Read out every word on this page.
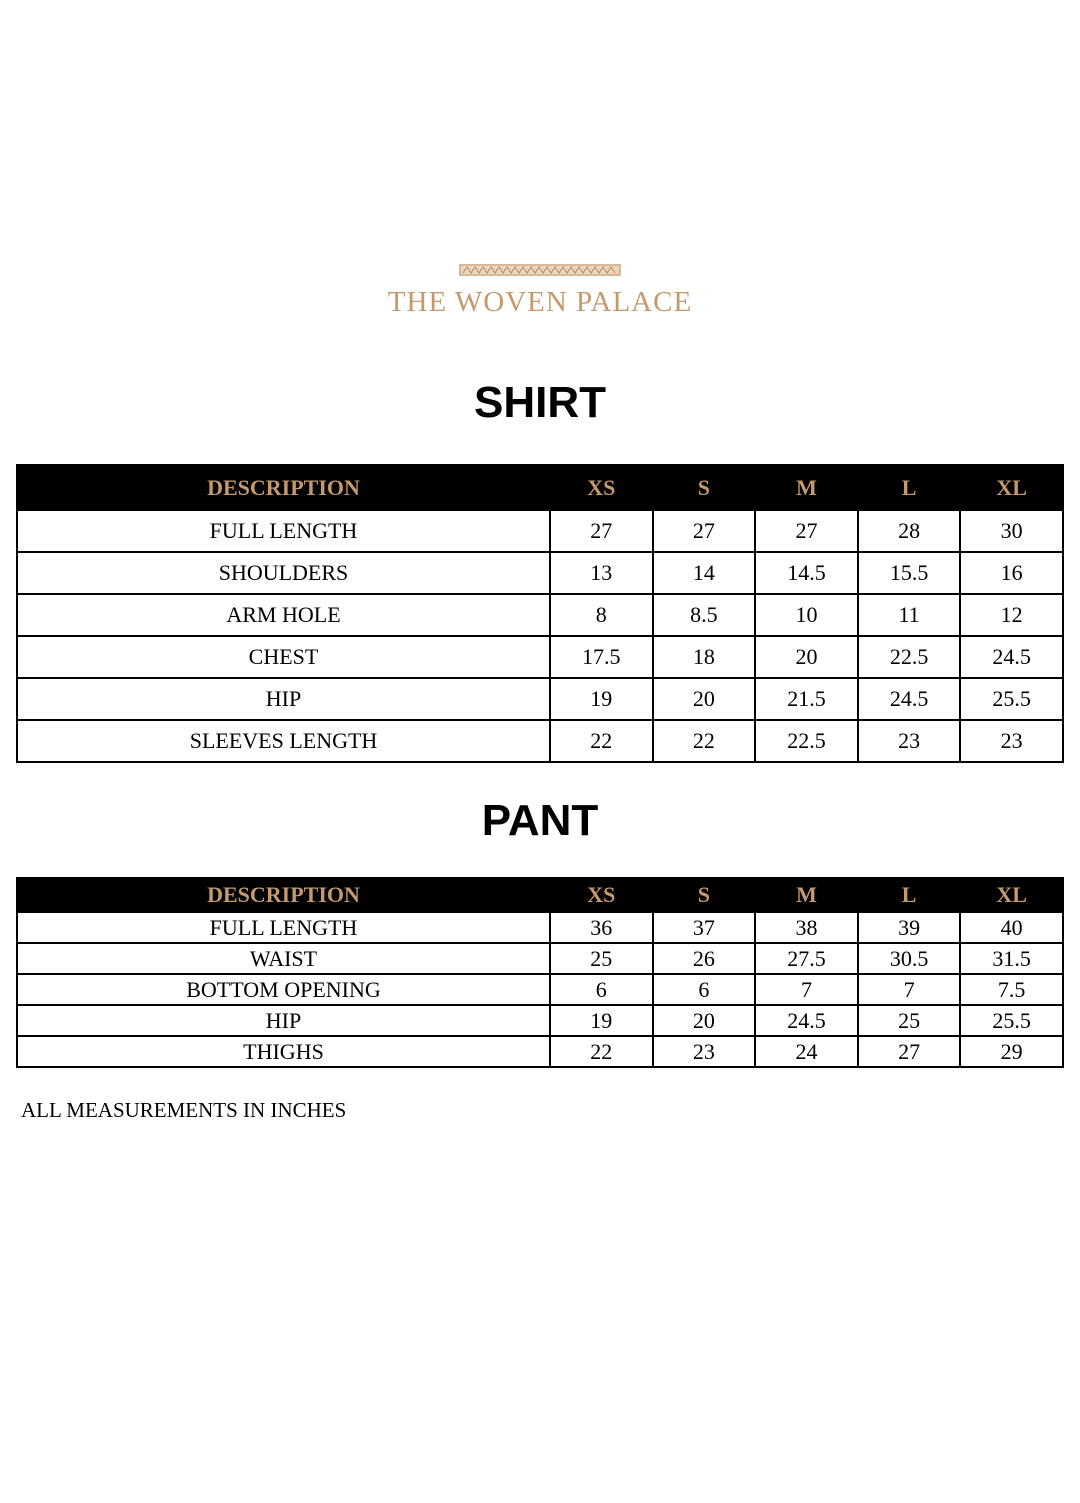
THE WOVEN PALACE
SHIRT
DESCRIPTION	XS	S	M	L	XL
FULL LENGTH	27	27	27	28	30
SHOULDERS	13	14	14.5	15.5	16
ARM HOLE	8	8.5	10	11	12
CHEST	17.5	18	20	22.5	24.5
HIP	19	20	21.5	24.5	25.5
SLEEVES LENGTH	22	22	22.5	23	23
PANT
DESCRIPTION	XS	S	M	L	XL
FULL LENGTH	36	37	38	39	40
WAIST	25	26	27.5	30.5	31.5
BOTTOM OPENING	6	6	7	7	7.5
HIP	19	20	24.5	25	25.5
THIGHS	22	23	24	27	29
ALL MEASUREMENTS IN INCHES
